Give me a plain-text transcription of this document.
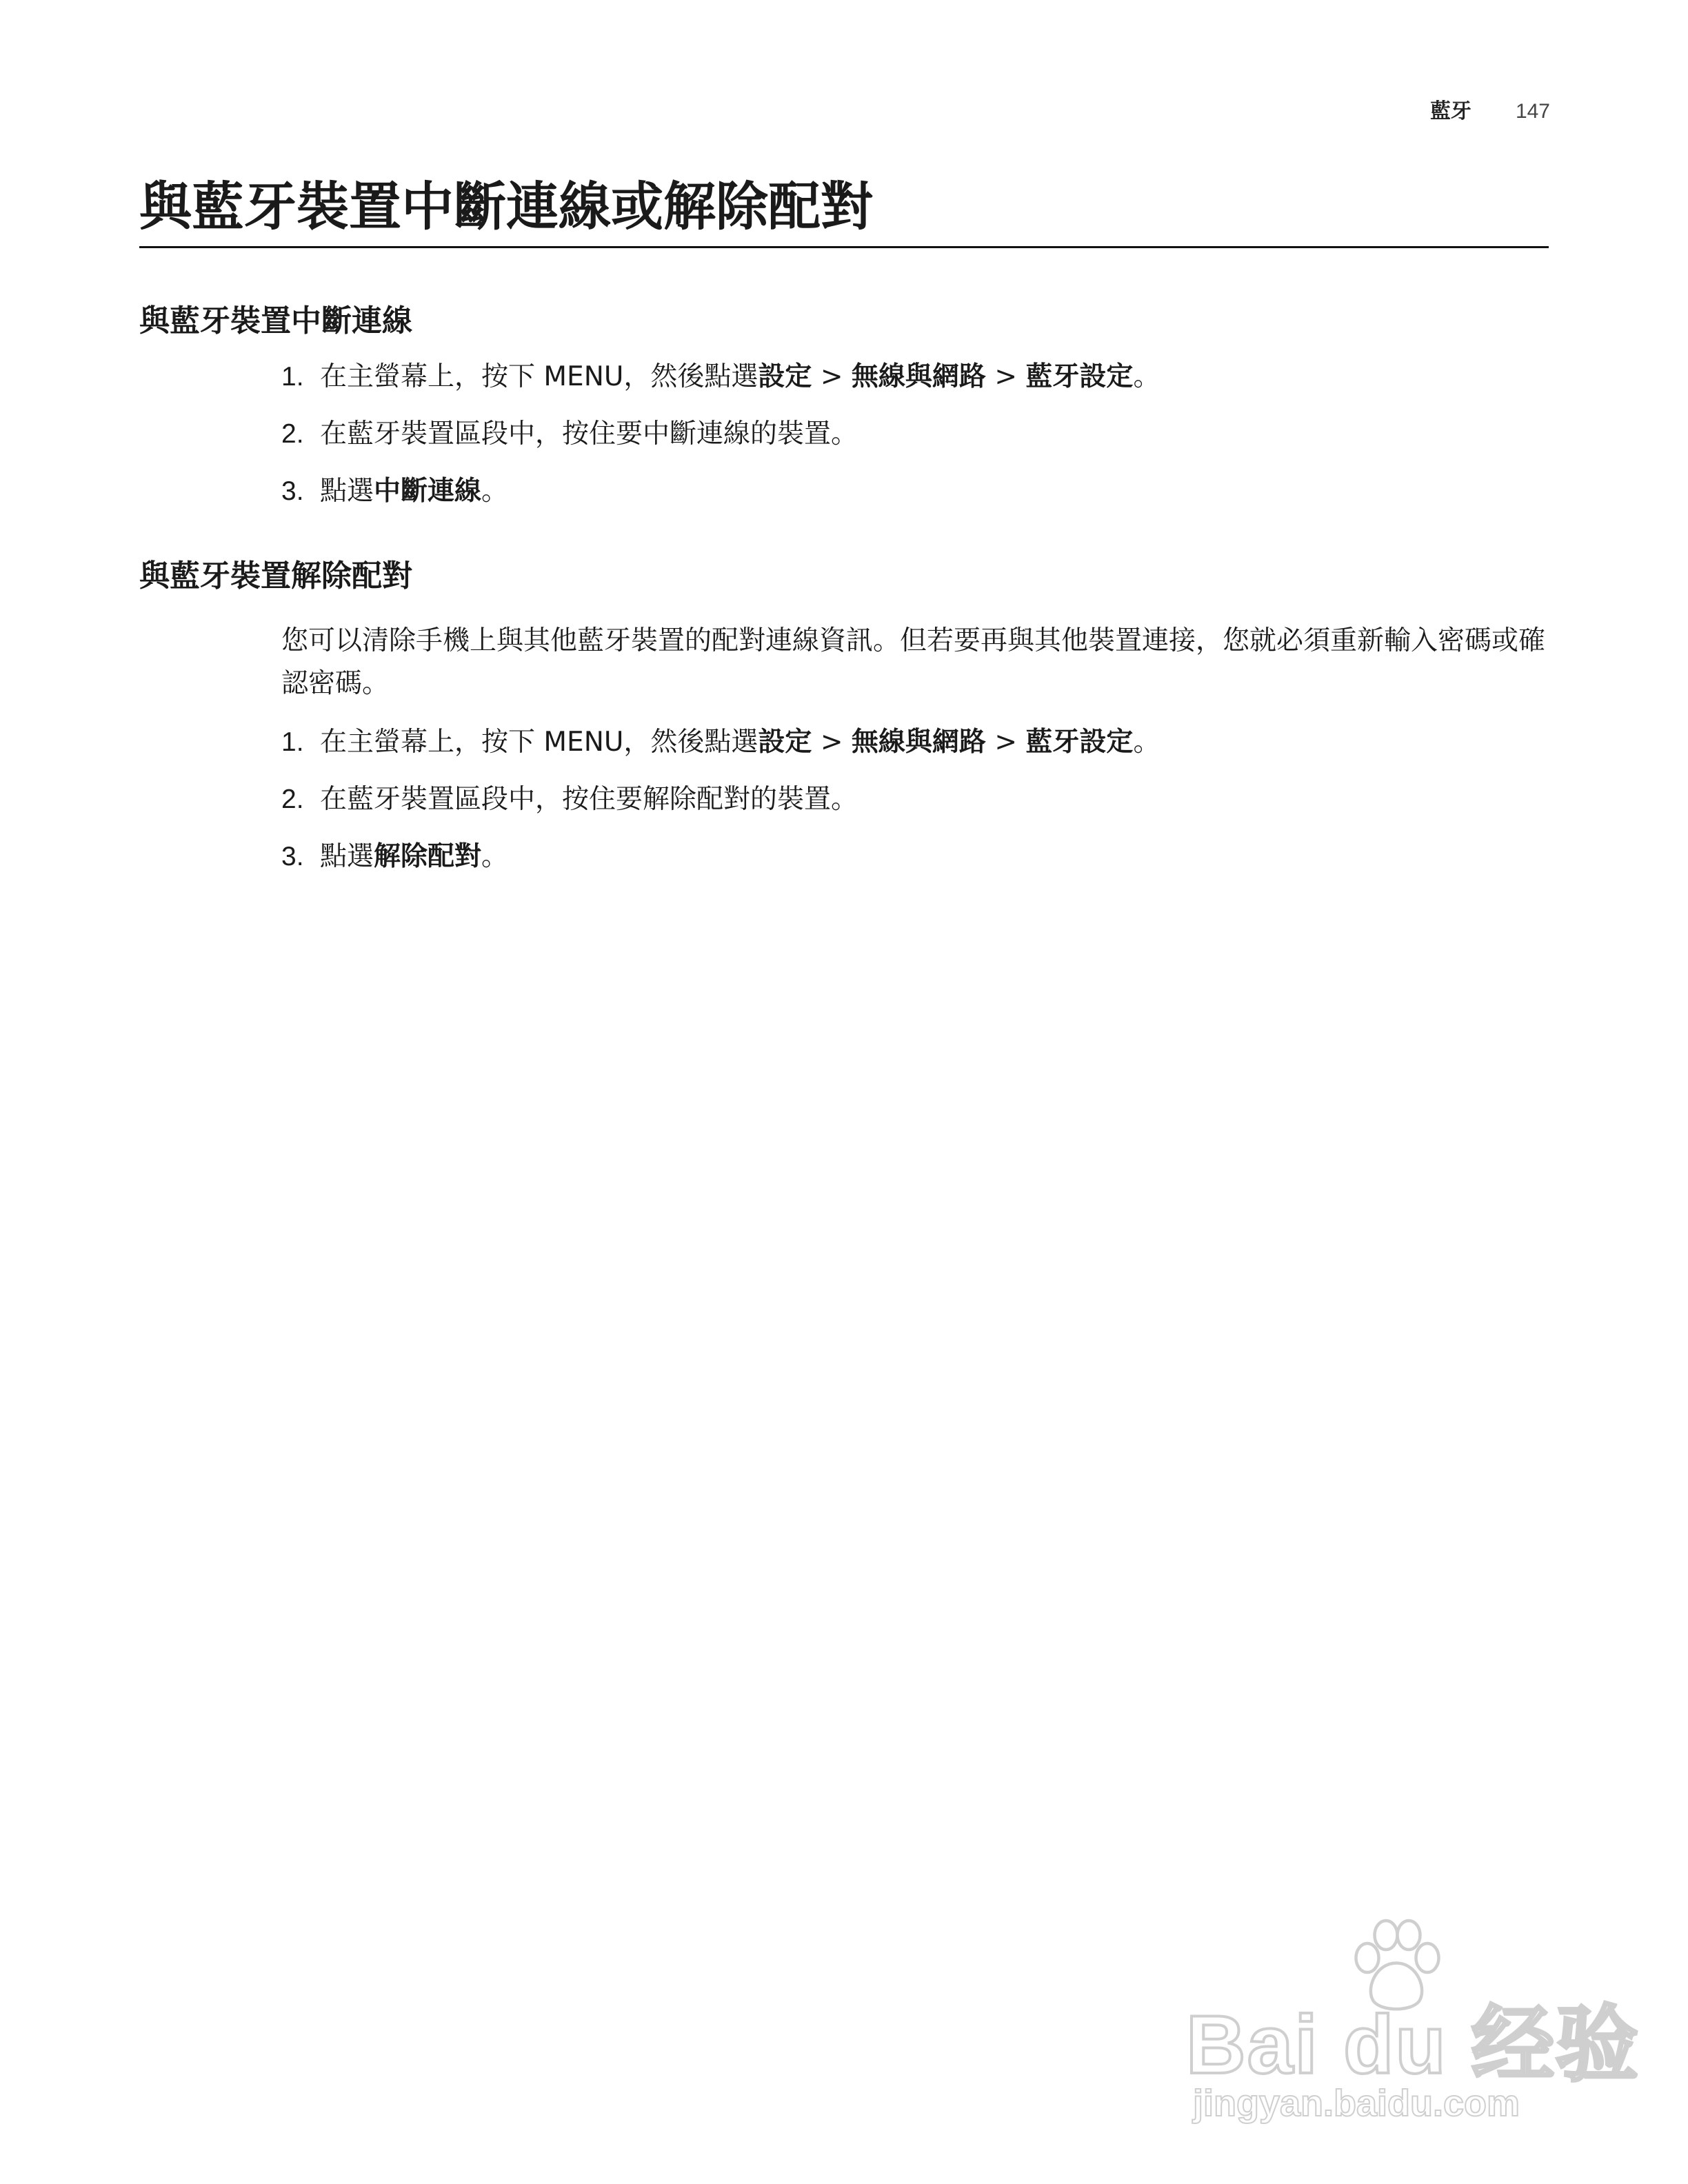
藍牙 147
與藍牙裝置中斷連線或解除配對
與藍牙裝置中斷連線
1. 在主螢幕上，按下 MENU，然後點選設定 > 無線與網路 > 藍牙設定。
2. 在藍牙裝置區段中，按住要中斷連線的裝置。
3. 點選中斷連線。
與藍牙裝置解除配對

您可以清除手機上與其他藍牙裝置的配對連線資訊。但若要再與其他裝置連接，您就必須重新輸入密碼或確認密碼。

1. 在主螢幕上，按下 MENU，然後點選設定 > 無線與網路 > 藍牙設定。
2. 在藍牙裝置區段中，按住要解除配對的裝置。
3. 點選解除配對。
Bai du 经验
jingyan.baidu.com
